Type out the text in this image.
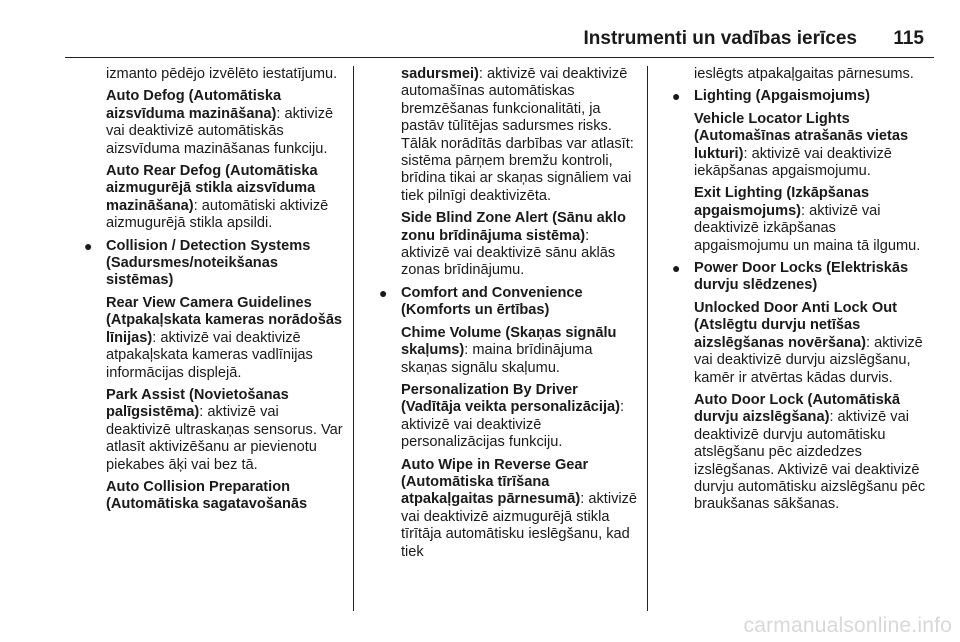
Instrumenti un vadības ierīces 115

izmanto pēdējo izvēlēto iestatījumu.

Auto Defog (Automātiska aizsvīduma mazināšana): aktivizē vai deaktivizē automātiskās aizsvīduma mazināšanas funkciju.

Auto Rear Defog (Automātiska aizmugurējā stikla aizsvīduma mazināšana): automātiski aktivizē aizmugurējā stikla apsildi.

● Collision / Detection Systems (Sadursmes/noteikšanas sistēmas)

Rear View Camera Guidelines (Atpakaļskata kameras norādošās līnijas): aktivizē vai deaktivizē atpakaļskata kameras vadlīnijas informācijas displejā.

Park Assist (Novietošanas palīgsistēma): aktivizē vai deaktivizē ultraskaņas sensorus. Var atlasīt aktivizēšanu ar pievienotu piekabes āķi vai bez tā.

Auto Collision Preparation (Automātiska sagatavošanās

sadursmei): aktivizē vai deaktivizē automašīnas automātiskas bremzēšanas funkcionalitāti, ja pastāv tūlītējas sadursmes risks. Tālāk norādītās darbības var atlasīt: sistēma pārņem bremžu kontroli, brīdina tikai ar skaņas signāliem vai tiek pilnīgi deaktivizēta.

Side Blind Zone Alert (Sānu aklo zonu brīdinājuma sistēma): aktivizē vai deaktivizē sānu aklās zonas brīdinājumu.

● Comfort and Convenience (Komforts un ērtības)

Chime Volume (Skaņas signālu skaļums): maina brīdinājuma skaņas signālu skaļumu.

Personalization By Driver (Vadītāja veikta personalizācija): aktivizē vai deaktivizē personalizācijas funkciju.

Auto Wipe in Reverse Gear (Automātiska tīrīšana atpakaļgaitas pārnesumā): aktivizē vai deaktivizē aizmugurējā stikla tīrītāja automātisku ieslēgšanu, kad tiek

ieslēgts atpakaļgaitas pārnesums.

● Lighting (Apgaismojums)

Vehicle Locator Lights (Automašīnas atrašanās vietas lukturi): aktivizē vai deaktivizē iekāpšanas apgaismojumu.

Exit Lighting (Izkāpšanas apgaismojums): aktivizē vai deaktivizē izkāpšanas apgaismojumu un maina tā ilgumu.

● Power Door Locks (Elektriskās durvju slēdzenes)

Unlocked Door Anti Lock Out (Atslēgtu durvju netīšas aizslēgšanas novēršana): aktivizē vai deaktivizē durvju aizslēgšanu, kamēr ir atvērtas kādas durvis.

Auto Door Lock (Automātiskā durvju aizslēgšana): aktivizē vai deaktivizē durvju automātisku atslēgšanu pēc aizdedzes izslēgšanas. Aktivizē vai deaktivizē durvju automātisku aizslēgšanu pēc braukšanas sākšanas.

carmanualsonline.info
